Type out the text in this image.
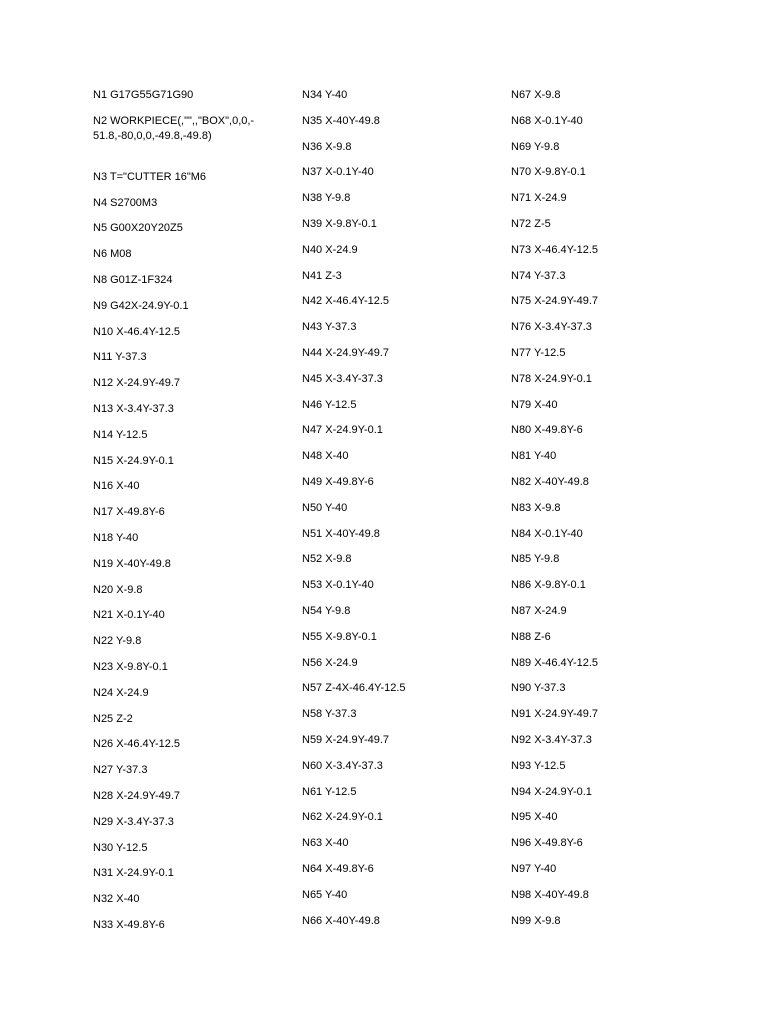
N1 G17G55G71G90
N2 WORKPIECE(,"",,"BOX",0,0,-51.8,-80,0,0,-49.8,-49.8)
N3 T="CUTTER 16"M6
N4 S2700M3
N5 G00X20Y20Z5
N6 M08
N8 G01Z-1F324
N9 G42X-24.9Y-0.1
N10 X-46.4Y-12.5
N11 Y-37.3
N12 X-24.9Y-49.7
N13 X-3.4Y-37.3
N14 Y-12.5
N15 X-24.9Y-0.1
N16 X-40
N17 X-49.8Y-6
N18 Y-40
N19 X-40Y-49.8
N20 X-9.8
N21 X-0.1Y-40
N22 Y-9.8
N23 X-9.8Y-0.1
N24 X-24.9
N25 Z-2
N26 X-46.4Y-12.5
N27 Y-37.3
N28 X-24.9Y-49.7
N29 X-3.4Y-37.3
N30 Y-12.5
N31 X-24.9Y-0.1
N32 X-40
N33 X-49.8Y-6
N34 Y-40
N35 X-40Y-49.8
N36 X-9.8
N37 X-0.1Y-40
N38 Y-9.8
N39 X-9.8Y-0.1
N40 X-24.9
N41 Z-3
N42 X-46.4Y-12.5
N43 Y-37.3
N44 X-24.9Y-49.7
N45 X-3.4Y-37.3
N46 Y-12.5
N47 X-24.9Y-0.1
N48 X-40
N49 X-49.8Y-6
N50 Y-40
N51 X-40Y-49.8
N52 X-9.8
N53 X-0.1Y-40
N54 Y-9.8
N55 X-9.8Y-0.1
N56 X-24.9
N57 Z-4X-46.4Y-12.5
N58 Y-37.3
N59 X-24.9Y-49.7
N60 X-3.4Y-37.3
N61 Y-12.5
N62 X-24.9Y-0.1
N63 X-40
N64 X-49.8Y-6
N65 Y-40
N66 X-40Y-49.8
N67 X-9.8
N68 X-0.1Y-40
N69 Y-9.8
N70 X-9.8Y-0.1
N71 X-24.9
N72 Z-5
N73 X-46.4Y-12.5
N74 Y-37.3
N75 X-24.9Y-49.7
N76 X-3.4Y-37.3
N77 Y-12.5
N78 X-24.9Y-0.1
N79 X-40
N80 X-49.8Y-6
N81 Y-40
N82 X-40Y-49.8
N83 X-9.8
N84 X-0.1Y-40
N85 Y-9.8
N86 X-9.8Y-0.1
N87 X-24.9
N88 Z-6
N89 X-46.4Y-12.5
N90 Y-37.3
N91 X-24.9Y-49.7
N92 X-3.4Y-37.3
N93 Y-12.5
N94 X-24.9Y-0.1
N95 X-40
N96 X-49.8Y-6
N97 Y-40
N98 X-40Y-49.8
N99 X-9.8
